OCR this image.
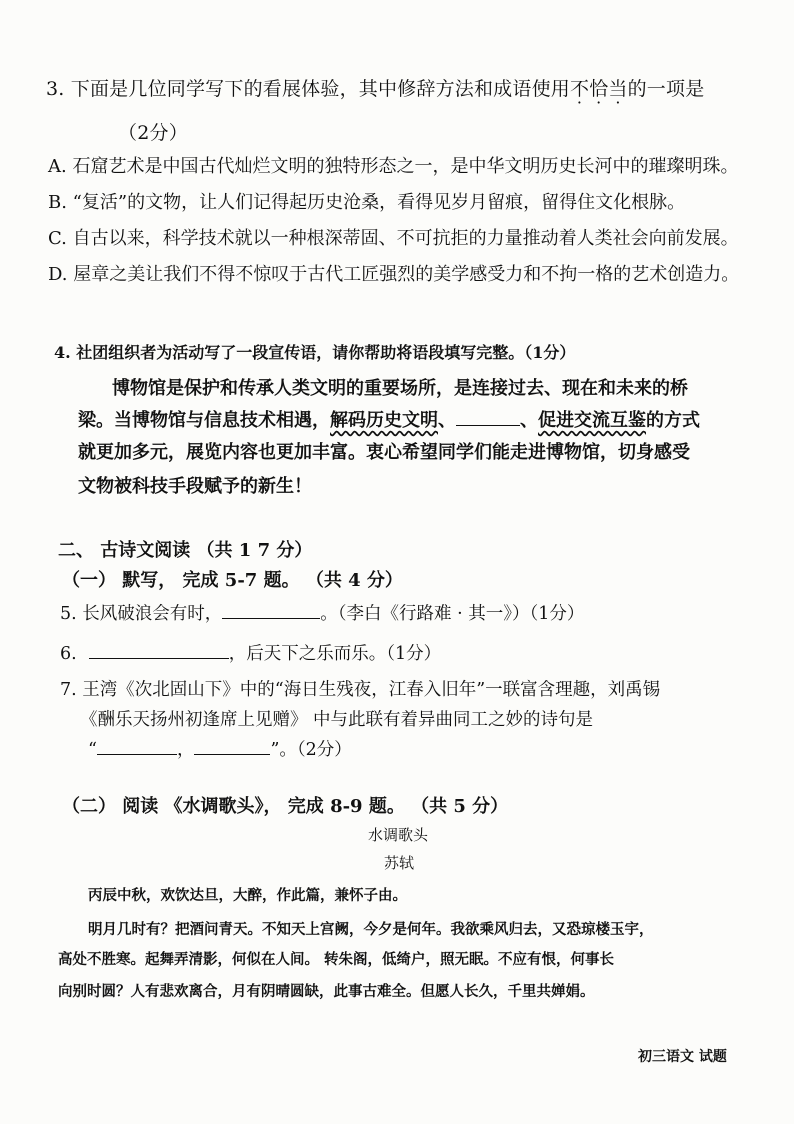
3. 下面是几位同学写下的看展体验，其中修辞方法和成语使用不恰当的一项是
（2分）
A. 石窟艺术是中国古代灿烂文明的独特形态之一，是中华文明历史长河中的璀璨明珠。
B. “复活”的文物，让人们记得起历史沧桑，看得见岁月留痕，留得住文化根脉。
C. 自古以来，科学技术就以一种根深蒂固、不可抗拒的力量推动着人类社会向前发展。
D. 屋章之美让我们不得不惊叹于古代工匠强烈的美学感受力和不拘一格的艺术创造力。
4. 社团组织者为活动写了一段宣传语，请你帮助将语段填写完整。（1分）
博物馆是保护和传承人类文明的重要场所，是连接过去、现在和未来的桥
梁。当博物馆与信息技术相遇，解码历史文明、	、促进交流互鉴的方式
就更加多元，展览内容也更加丰富。衷心希望同学们能走进博物馆，切身感受
文物被科技手段赋予的新生！
二、 古诗文阅读 （共 1 7 分）
（一） 默写， 完成 5-7 题。 （共 4 分）
5. 长风破浪会有时，	。（李白《行路难 · 其一》）（1分）
6.	，后天下之乐而乐。（1分）
7. 王湾《次北固山下》中的“海日生残夜，江春入旧年”一联富含理趣，刘禹锡
《酬乐天扬州初逢席上见赠》 中与此联有着异曲同工之妙的诗句是
“	，	”。（2分）
（二） 阅读 《水调歌头》， 完成 8-9 题。 （共 5 分）
水调歌头
苏轼
丙辰中秋，欢饮达旦，大醉，作此篇，兼怀子由。
明月几时有？把酒问青天。不知天上宫阙，今夕是何年。我欲乘风归去，又恐琼楼玉宇，
高处不胜寒。起舞弄清影，何似在人间。 转朱阁，低绮户，照无眠。不应有恨，何事长
向别时圆？人有悲欢离合，月有阴晴圆缺，此事古难全。但愿人长久，千里共婵娟。
初三语文 试题
